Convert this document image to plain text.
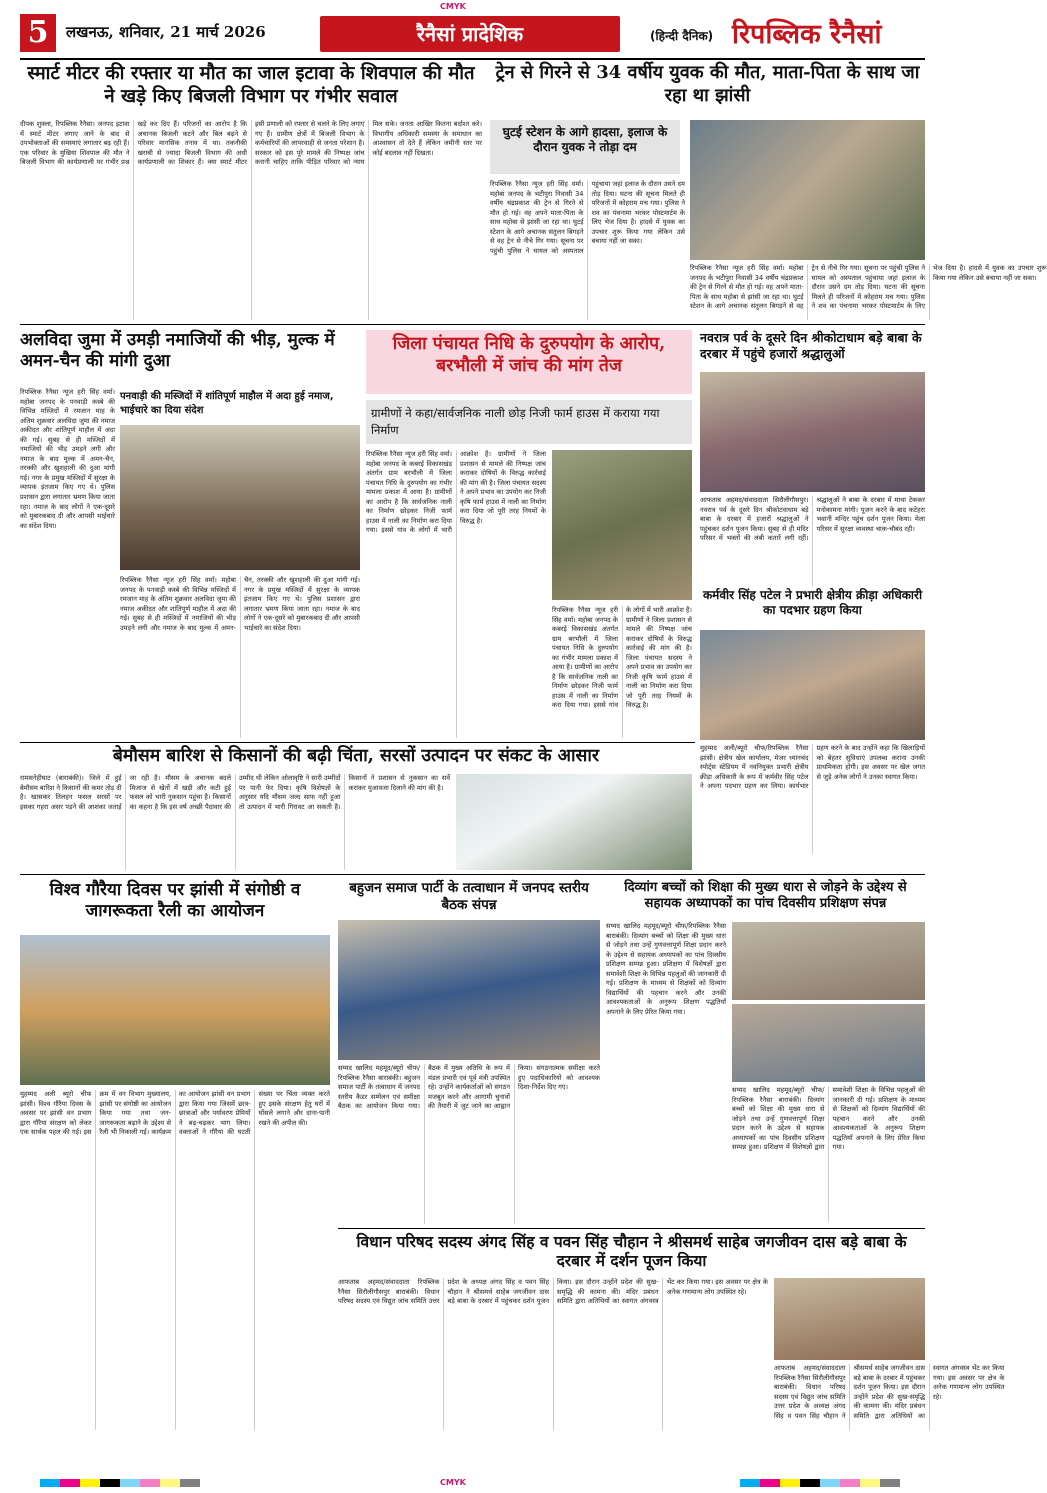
CMYK
5	लखनऊ, शनिवार, 21 मार्च 2026	रैनैसां प्रादेशिक	(हिन्दी दैनिक) रिपब्लिक रैनैसां
स्मार्ट मीटर की रफ्तार या मौत का जाल इटावा के शिवपाल की मौत ने खड़े किए बिजली विभाग पर गंभीर सवाल
दीपक शुक्ला, रिपब्लिक रैनैसा। जनपद इटावा में स्मार्ट मीटर लगाए जाने के बाद से उपभोक्ताओं की समस्याएं लगातार बढ़ रही हैं। एक परिवार के मुखिया शिवपाल की मौत ने बिजली विभाग की कार्यप्रणाली पर गंभीर प्रश्न खड़े कर दिए हैं। परिजनों का आरोप है कि अचानक बिजली कटने और बिल बढ़ने से परिवार मानसिक तनाव में था। तकनीकी खराबी से ज्यादा बिजली विभाग की अधी कार्यप्रणाली का शिकार हैं। क्या स्मार्ट मीटर इसी प्रणाली को रफ्तार से चलने के लिए लगाए गए हैं। ग्रामीण क्षेत्रों में बिजली विभाग के कर्मचारियों की लापरवाही से जनता परेशान है। सरकार को इस पूरे मामले की निष्पक्ष जांच करानी चाहिए ताकि पीड़ित परिवार को न्याय मिल सके। जनता आखिर कितना बर्दाश्त करे। विभागीय अधिकारी समस्या के समाधान का आश्वासन तो देते हैं लेकिन जमीनी स्तर पर कोई बदलाव नहीं दिखता।
ट्रेन से गिरने से 34 वर्षीय युवक की मौत, माता-पिता के साथ जा रहा था झांसी
घुटई स्टेशन के आगे हादसा, इलाज के दौरान युवक ने तोड़ा दम
रिपब्लिक रैनैसा न्यूज हरी सिंह वर्मा। महोबा जनपद के भटीपुरा निवासी 34 वर्षीय चंद्रप्रकाश की ट्रेन से गिरने से मौत हो गई। वह अपने माता-पिता के साथ महोबा से झांसी जा रहा था। घुटई स्टेशन के आगे अचानक संतुलन बिगड़ने से वह ट्रेन से नीचे गिर गया। सूचना पर पहुंची पुलिस ने घायल को अस्पताल पहुंचाया जहां इलाज के दौरान उसने दम तोड़ दिया। घटना की सूचना मिलते ही परिजनों में कोहराम मच गया। पुलिस ने शव का पंचनामा भरकर पोस्टमार्टम के लिए भेज दिया है। हादसे में युवक का उपचार शुरू किया गया लेकिन उसे बचाया नहीं जा सका।
रिपब्लिक रैनैसा न्यूज हरी सिंह वर्मा। महोबा जनपद के भटीपुरा निवासी 34 वर्षीय चंद्रप्रकाश की ट्रेन से गिरने से मौत हो गई। वह अपने माता-पिता के साथ महोबा से झांसी जा रहा था। घुटई स्टेशन के आगे अचानक संतुलन बिगड़ने से वह ट्रेन से नीचे गिर गया। सूचना पर पहुंची पुलिस ने घायल को अस्पताल पहुंचाया जहां इलाज के दौरान उसने दम तोड़ दिया। घटना की सूचना मिलते ही परिजनों में कोहराम मच गया। पुलिस ने शव का पंचनामा भरकर पोस्टमार्टम के लिए भेज दिया है। हादसे में युवक का उपचार शुरू किया गया लेकिन उसे बचाया नहीं जा सका।
अलविदा जुमा में उमड़ी नमाजियों की भीड़, मुल्क में अमन-चैन की मांगी दुआ
रिपब्लिक रैनैसा न्यूज हरी सिंह वर्मा। महोबा जनपद के पनवाड़ी कस्बे की विभिन्न मस्जिदों में रमजान माह के अंतिम शुक्रवार अलविदा जुमा की नमाज अकीदत और शांतिपूर्ण माहौल में अदा की गई। सुबह से ही मस्जिदों में नमाजियों की भीड़ उमड़ने लगी और नमाज के बाद मुल्क में अमन-चैन, तरक्की और खुशहाली की दुआ मांगी गई। नगर के प्रमुख मस्जिदों में सुरक्षा के व्यापक इंतजाम किए गए थे। पुलिस प्रशासन द्वारा लगातार भ्रमण किया जाता रहा। नमाज के बाद लोगों ने एक-दूसरे को मुबारकबाद दी और आपसी भाईचारे का संदेश दिया।
पनवाड़ी की मस्जिदों में शांतिपूर्ण माहौल में अदा हुई नमाज, भाईचारे का दिया संदेश
रिपब्लिक रैनैसा न्यूज हरी सिंह वर्मा। महोबा जनपद के पनवाड़ी कस्बे की विभिन्न मस्जिदों में रमजान माह के अंतिम शुक्रवार अलविदा जुमा की नमाज अकीदत और शांतिपूर्ण माहौल में अदा की गई। सुबह से ही मस्जिदों में नमाजियों की भीड़ उमड़ने लगी और नमाज के बाद मुल्क में अमन-चैन, तरक्की और खुशहाली की दुआ मांगी गई। नगर के प्रमुख मस्जिदों में सुरक्षा के व्यापक इंतजाम किए गए थे। पुलिस प्रशासन द्वारा लगातार भ्रमण किया जाता रहा। नमाज के बाद लोगों ने एक-दूसरे को मुबारकबाद दी और आपसी भाईचारे का संदेश दिया।
जिला पंचायत निधि के दुरुपयोग के आरोप, बरभौली में जांच की मांग तेज
ग्रामीणों ने कहा/सार्वजनिक नाली छोड़ निजी फार्म हाउस में कराया गया निर्माण
रिपब्लिक रैनैसा न्यूज हरी सिंह वर्मा। महोबा जनपद के कबरई विकासखंड अंतर्गत ग्राम बरभौली में जिला पंचायत निधि के दुरुपयोग का गंभीर मामला प्रकाश में आया है। ग्रामीणों का आरोप है कि सार्वजनिक नाली का निर्माण छोड़कर निजी फार्म हाउस में नाली का निर्माण करा दिया गया। इससे गांव के लोगों में भारी आक्रोश है। ग्रामीणों ने जिला प्रशासन से मामले की निष्पक्ष जांच कराकर दोषियों के विरुद्ध कार्रवाई की मांग की है। जिला पंचायत सदस्य ने अपने प्रभाव का उपयोग कर निजी कृषि फार्म हाउस में नाली का निर्माण करा दिया जो पूरी तरह नियमों के विरुद्ध है।
रिपब्लिक रैनैसा न्यूज हरी सिंह वर्मा। महोबा जनपद के कबरई विकासखंड अंतर्गत ग्राम बरभौली में जिला पंचायत निधि के दुरुपयोग का गंभीर मामला प्रकाश में आया है। ग्रामीणों का आरोप है कि सार्वजनिक नाली का निर्माण छोड़कर निजी फार्म हाउस में नाली का निर्माण करा दिया गया। इससे गांव के लोगों में भारी आक्रोश है। ग्रामीणों ने जिला प्रशासन से मामले की निष्पक्ष जांच कराकर दोषियों के विरुद्ध कार्रवाई की मांग की है। जिला पंचायत सदस्य ने अपने प्रभाव का उपयोग कर निजी कृषि फार्म हाउस में नाली का निर्माण करा दिया जो पूरी तरह नियमों के विरुद्ध है।
नवरात्र पर्व के दूसरे दिन श्रीकोटाधाम बड़े बाबा के दरबार में पहुंचे हजारों श्रद्धालुओं
आफताब अहमद/संवाददाता सिरौलीगौसपुर। नवरात्र पर्व के दूसरे दिन श्रीकोटवाधाम बड़े बाबा के दरबार में हजारों श्रद्धालुओं ने पहुंचकर दर्शन पूजन किया। सुबह से ही मंदिर परिसर में भक्तों की लंबी कतारें लगी रहीं। श्रद्धालुओं ने बाबा के दरबार में माथा टेककर मनोकामना मांगी। पूजन करने के बाद कटेहरा भवानी मन्दिर पहुंच दर्शन पूजन किया। मेला परिसर में सुरक्षा व्यवस्था चाक-चौबंद रही।
कर्मवीर सिंह पटेल ने प्रभारी क्षेत्रीय क्रीड़ा अधिकारी का पदभार ग्रहण किया
मुहम्मद अली/ब्यूरो चीफ/रिपब्लिक रैनैसा झांसी। क्षेत्रीय खेल कार्यालय, मेजर ध्यानचंद स्पोर्ट्स स्टेडियम में नवनियुक्त प्रभारी क्षेत्रीय क्रीड़ा अधिकारी के रूप में कर्मवीर सिंह पटेल ने अपना पदभार ग्रहण कर लिया। कार्यभार ग्रहण करने के बाद उन्होंने कहा कि खिलाड़ियों को बेहतर सुविधाएं उपलब्ध कराना उनकी प्राथमिकता होगी। इस अवसर पर खेल जगत से जुड़े अनेक लोगों ने उनका स्वागत किया।
बेमौसम बारिश से किसानों की बढ़ी चिंता, सरसों उत्पादन पर संकट के आसार
रामसनेहीघाट (बाराबंकी)। जिले में हुई बेमौसम बारिश ने किसानों की कमर तोड़ दी है। खासकर तिलहन फसल सरसों पर इसका गहरा असर पड़ने की आशंका जताई जा रही है। मौसम के अचानक बदले मिजाज से खेतों में खड़ी और कटी हुई फसल को भारी नुकसान पहुंचा है। किसानों का कहना है कि इस वर्ष अच्छी पैदावार की उम्मीद थी लेकिन ओलावृष्टि ने सारी उम्मीदों पर पानी फेर दिया। कृषि विशेषज्ञों के अनुसार यदि मौसम जल्द साफ नहीं हुआ तो उत्पादन में भारी गिरावट आ सकती है। किसानों ने प्रशासन से नुकसान का सर्वे कराकर मुआवजा दिलाने की मांग की है।
विश्व गौरैया दिवस पर झांसी में संगोष्ठी व जागरूकता रैली का आयोजन
मुहम्मद अली ब्यूरो चीफ झांसी। विश्व गौरैया दिवस के अवसर पर झांसी वन प्रभाग द्वारा गौरैया संरक्षण को लेकर एक सार्थक पहल की गई। इस क्रम में वन विभाग मुख्यालय, झांसी पर संगोष्ठी का आयोजन किया गया तथा जन-जागरूकता बढ़ाने के उद्देश्य से रैली भी निकाली गई। कार्यक्रम का आयोजन झांसी वन प्रभाग द्वारा किया गया जिसमें छात्र-छात्राओं और पर्यावरण प्रेमियों ने बढ़-चढ़कर भाग लिया। वक्ताओं ने गौरैया की घटती संख्या पर चिंता व्यक्त करते हुए इसके संरक्षण हेतु घरों में घोंसले लगाने और दाना-पानी रखने की अपील की।
बहुजन समाज पार्टी के तत्वाधान में जनपद स्तरीय बैठक संपन्न
सय्यद खालिद महमूद/ब्यूरो चीफ/रिपब्लिक रैनैसा बाराबंकी। बहुजन समाज पार्टी के तत्वाधान में जनपद स्तरीय कैडर सम्मेलन एवं समीक्षा बैठक का आयोजन किया गया। बैठक में मुख्य अतिथि के रूप में मंडल प्रभारी एवं पूर्व मंत्री उपस्थित रहे। उन्होंने कार्यकर्ताओं को संगठन मजबूत करने और आगामी चुनावों की तैयारी में जुट जाने का आह्वान किया। संगठनात्मक समीक्षा करते हुए पदाधिकारियों को आवश्यक दिशा-निर्देश दिए गए।
दिव्यांग बच्चों को शिक्षा की मुख्य धारा से जोड़ने के उद्देश्य से सहायक अध्यापकों का पांच दिवसीय प्रशिक्षण संपन्न
सय्यद खालिद महमूद/ब्यूरो चीफ/रिपब्लिक रैनैसा बाराबंकी। दिव्यांग बच्चों को शिक्षा की मुख्य धारा से जोड़ने तथा उन्हें गुणवत्तापूर्ण शिक्षा प्रदान करने के उद्देश्य से सहायक अध्यापकों का पांच दिवसीय प्रशिक्षण सम्पन्न हुआ। प्रशिक्षण में विशेषज्ञों द्वारा समावेशी शिक्षा के विभिन्न पहलुओं की जानकारी दी गई। प्रशिक्षण के माध्यम से शिक्षकों को दिव्यांग विद्यार्थियों की पहचान करने और उनकी आवश्यकताओं के अनुरूप शिक्षण पद्धतियाँ अपनाने के लिए प्रेरित किया गया।
सय्यद खालिद महमूद/ब्यूरो चीफ/रिपब्लिक रैनैसा बाराबंकी। दिव्यांग बच्चों को शिक्षा की मुख्य धारा से जोड़ने तथा उन्हें गुणवत्तापूर्ण शिक्षा प्रदान करने के उद्देश्य से सहायक अध्यापकों का पांच दिवसीय प्रशिक्षण सम्पन्न हुआ। प्रशिक्षण में विशेषज्ञों द्वारा समावेशी शिक्षा के विभिन्न पहलुओं की जानकारी दी गई। प्रशिक्षण के माध्यम से शिक्षकों को दिव्यांग विद्यार्थियों की पहचान करने और उनकी आवश्यकताओं के अनुरूप शिक्षण पद्धतियाँ अपनाने के लिए प्रेरित किया गया।
विधान परिषद सदस्य अंगद सिंह व पवन सिंह चौहान ने श्रीसमर्थ साहेब जगजीवन दास बड़े बाबा के दरबार में दर्शन पूजन किया
आफताब अहमद/संवाददाता रिपब्लिक रैनैसा सिरौलीगौसपुर बाराबंकी। विधान परिषद सदस्य एवं विद्युत जांच समिति उत्तर प्रदेश के अध्यक्ष अंगद सिंह व पवन सिंह चौहान ने श्रीसमर्थ साहेब जगजीवन दास बड़े बाबा के दरबार में पहुंचकर दर्शन पूजन किया। इस दौरान उन्होंने प्रदेश की सुख-समृद्धि की कामना की। मंदिर प्रबंधन समिति द्वारा अतिथियों का स्वागत अंगवस्त्र भेंट कर किया गया। इस अवसर पर क्षेत्र के अनेक गणमान्य लोग उपस्थित रहे।
आफताब अहमद/संवाददाता रिपब्लिक रैनैसा सिरौलीगौसपुर बाराबंकी। विधान परिषद सदस्य एवं विद्युत जांच समिति उत्तर प्रदेश के अध्यक्ष अंगद सिंह व पवन सिंह चौहान ने श्रीसमर्थ साहेब जगजीवन दास बड़े बाबा के दरबार में पहुंचकर दर्शन पूजन किया। इस दौरान उन्होंने प्रदेश की सुख-समृद्धि की कामना की। मंदिर प्रबंधन समिति द्वारा अतिथियों का स्वागत अंगवस्त्र भेंट कर किया गया। इस अवसर पर क्षेत्र के अनेक गणमान्य लोग उपस्थित रहे।
CMYK
